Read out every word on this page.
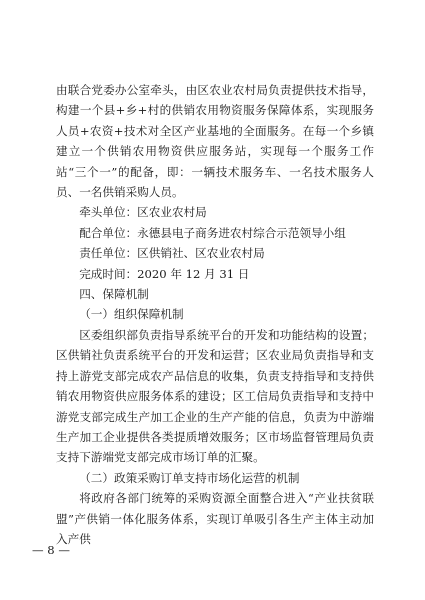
由联合党委办公室牵头，由区农业农村局负责提供技术指导，构建一个县+乡+村的供销农用物资服务保障体系，实现服务人员+农资+技术对全区产业基地的全面服务。在每一个乡镇建立一个供销农用物资供应服务站，实现每一个服务工作站“三个一”的配备，即：一辆技术服务车、一名技术服务人员、一名供销采购人员。

牵头单位：区农业农村局

配合单位：永德县电子商务进农村综合示范领导小组

责任单位：区供销社、区农业农村局

完成时间：2020 年 12 月 31 日

四、保障机制

（一）组织保障机制

区委组织部负责指导系统平台的开发和功能结构的设置；区供销社负责系统平台的开发和运营；区农业局负责指导和支持上游党支部完成农产品信息的收集，负责支持指导和支持供销农用物资供应服务体系的建设；区工信局负责指导和支持中游党支部完成生产加工企业的生产产能的信息，负责为中游端生产加工企业提供各类提质增效服务；区市场监督管理局负责支持下游端党支部完成市场订单的汇聚。

（二）政策采购订单支持市场化运营的机制

将政府各部门统筹的采购资源全面整合进入“产业扶贫联盟”产供销一体化服务体系，实现订单吸引各生产主体主动加入产供

— 8 —
